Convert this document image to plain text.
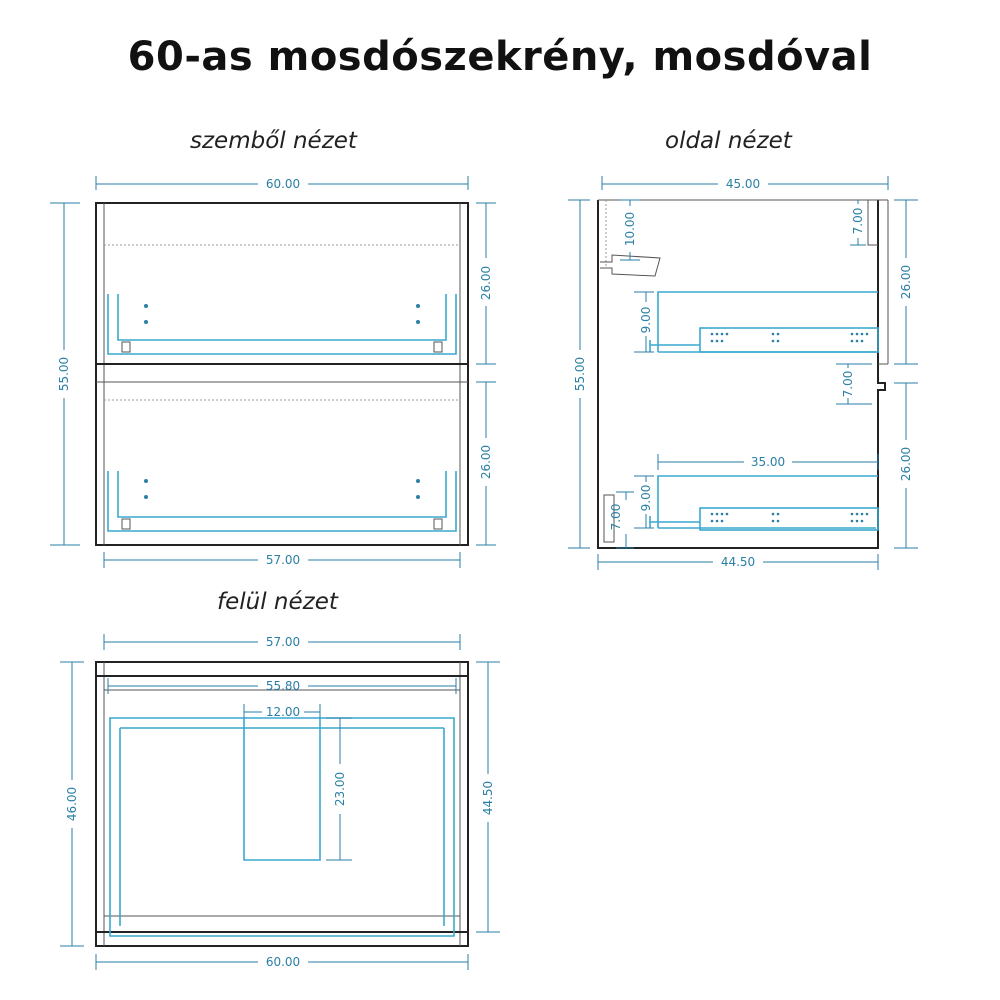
60-as mosdószekrény, mosdóval
szemből nézet	oldal nézet
felül nézet
60.00
55.00
26.00
26.00
57.00
45.00
55.00
10.00	7.00
26.00
9.00
7.00
26.00
35.00
9.00
7.00
44.50
57.00
55.80
12.00
23.00
46.00	44.50
60.00
